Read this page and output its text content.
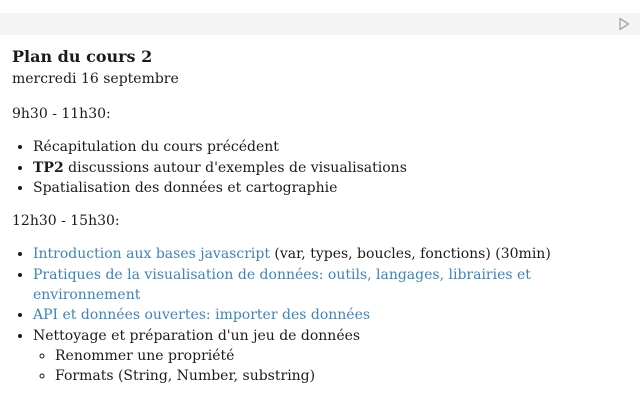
Plan du cours 2

mercredi 16 septembre

9h30 - 11h30:

• Récapitulation du cours précédent
• TP2 discussions autour d'exemples de visualisations
• Spatialisation des données et cartographie

12h30 - 15h30:

• Introduction aux bases javascript (var, types, boucles, fonctions) (30min)
• Pratiques de la visualisation de données: outils, langages, librairies et environnement
• API et données ouvertes: importer des données
• Nettoyage et préparation d'un jeu de données
◦ Renommer une propriété
◦ Formats (String, Number, substring)
